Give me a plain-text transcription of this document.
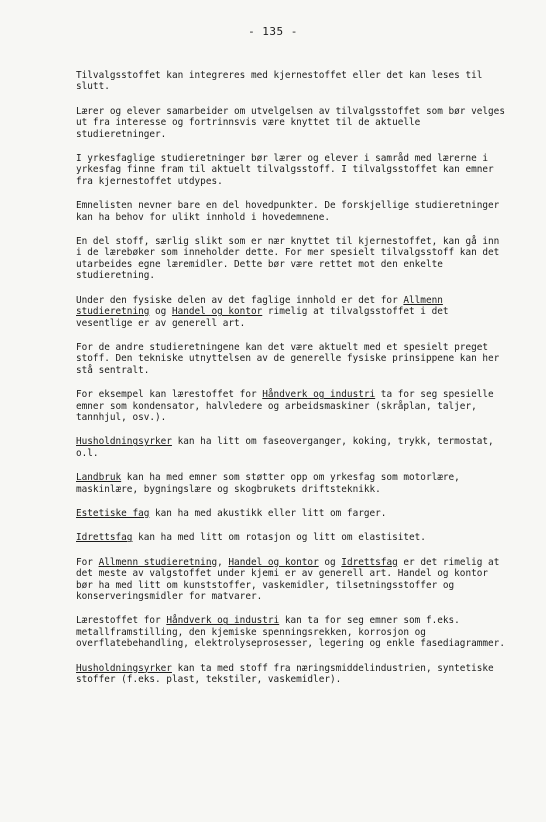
- 135 -

Tilvalgsstoffet kan integreres med kjernestoffet eller det kan leses til slutt.

Lærer og elever samarbeider om utvelgelsen av tilvalgsstoffet som bør velges ut fra interesse og fortrinnsvis være knyttet til de aktuelle studieretninger.

I yrkesfaglige studieretninger bør lærer og elever i samråd med lærerne i yrkesfag finne fram til aktuelt tilvalgsstoff. I tilvalgsstoffet kan emner fra kjernestoffet utdypes.

Emnelisten nevner bare en del hovedpunkter. De forskjellige studieretninger kan ha behov for ulikt innhold i hovedemnene.

En del stoff, særlig slikt som er nær knyttet til kjernestoffet, kan gå inn i de lærebøker som inneholder dette. For mer spesielt tilvalgsstoff kan det utarbeides egne læremidler. Dette bør være rettet mot den enkelte studieretning.

Under den fysiske delen av det faglige innhold er det for Allmenn studieretning og Handel og kontor rimelig at tilvalgsstoffet i det vesentlige er av generell art.

For de andre studieretningene kan det være aktuelt med et spesielt preget stoff. Den tekniske utnyttelsen av de generelle fysiske prinsippene kan her stå sentralt.

For eksempel kan lærestoffet for Håndverk og industri ta for seg spesielle emner som kondensator, halvledere og arbeidsmaskiner (skråplan, taljer, tannhjul, osv.).

Husholdningsyrker kan ha litt om faseoverganger, koking, trykk, termostat, o.l.

Landbruk kan ha med emner som støtter opp om yrkesfag som motorlære, maskinlære, bygningslære og skogbrukets driftsteknikk.

Estetiske fag kan ha med akustikk eller litt om farger.

Idrettsfag kan ha med litt om rotasjon og litt om elastisitet.

For Allmenn studieretning, Handel og kontor og Idrettsfag er det rimelig at det meste av valgstoffet under kjemi er av generell art. Handel og kontor bør ha med litt om kunststoffer, vaskemidler, tilsetningsstoffer og konserveringsmidler for matvarer.

Lærestoffet for Håndverk og industri kan ta for seg emner som f.eks. metallframstilling, den kjemiske spenningsrekken, korrosjon og overflatebehandling, elektrolyseprosesser, legering og enkle fasediagrammer.

Husholdningsyrker kan ta med stoff fra næringsmiddelindustrien, syntetiske stoffer (f.eks. plast, tekstiler, vaskemidler).
